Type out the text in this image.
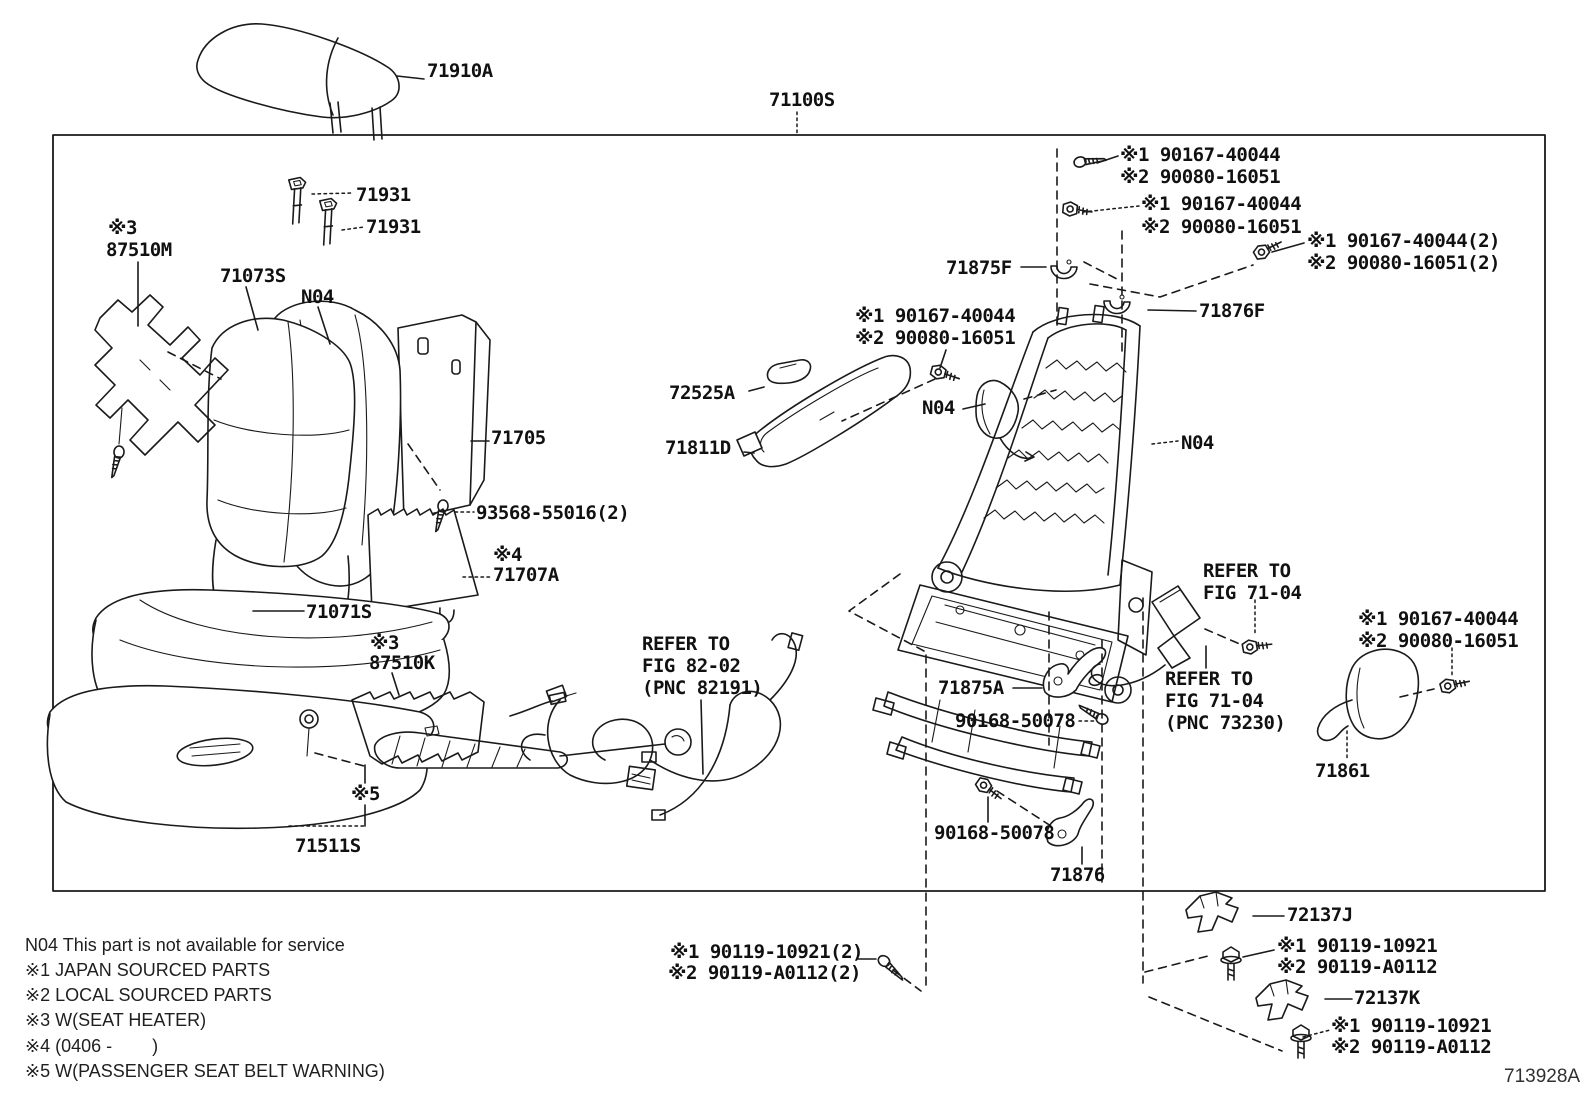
71910A
71100S
※1 90167-40044
※2 90080-16051
※1 90167-40044
※2 90080-16051
※1 90167-40044(2)
※2 90080-16051(2)
71875F
71876F
71931
71931
※3
87510M
71073S
N04
71705
93568-55016(2)
※4
71707A
71071S
※3
87510K
※5
71511S
72525A
71811D
※1 90167-40044
※2 90080-16051
N04
N04
REFER TO
FIG 71-04
REFER TO
FIG 82-02
(PNC 82191)	71875A
90168-50078
REFER TO
FIG 71-04
(PNC 73230)
※1 90167-40044
※2 90080-16051
71861
90168-50078
71876
※1 90119-10921(2)
※2 90119-A0112(2)
72137J
※1 90119-10921
※2 90119-A0112
72137K
※1 90119-10921
※2 90119-A0112
N04 This part is not available for service
※1 JAPAN SOURCED PARTS
※2 LOCAL SOURCED PARTS
※3 W(SEAT HEATER)
※4 (0406 -        )
※5 W(PASSENGER SEAT BELT WARNING)	713928A
